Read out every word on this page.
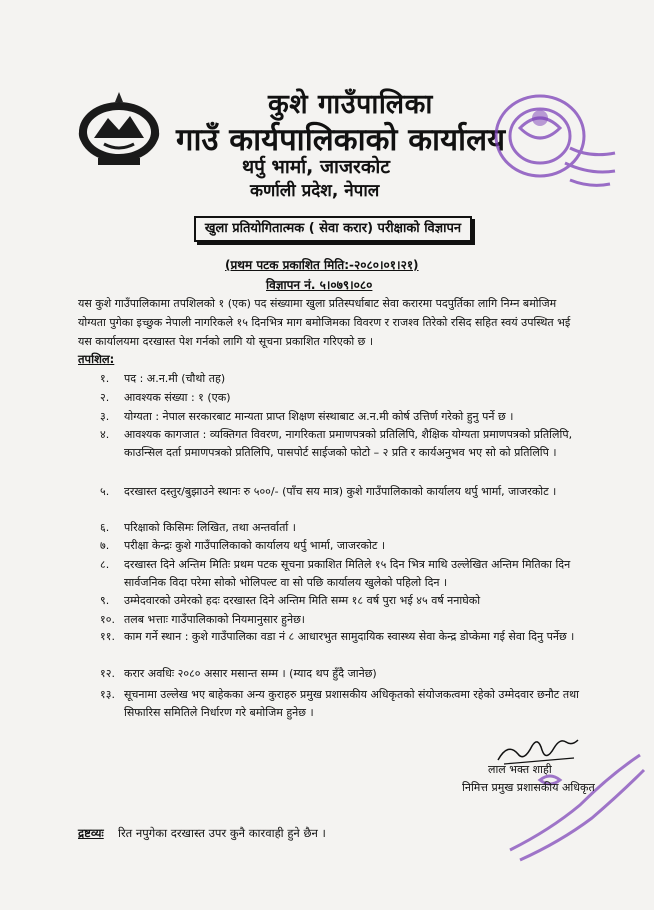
कुशे गाउँपालिका
गाउँ कार्यपालिकाको कार्यालय
थर्पु भार्मा, जाजरकोट
कर्णाली प्रदेश, नेपाल
खुला प्रतियोगितात्मक ( सेवा करार) परीक्षाको विज्ञापन
(प्रथम पटक प्रकाशित मिति:-२०८०।०१।२१)
विज्ञापन नं. ५।०७९।०८०
यस कुशे गाउँपालिकामा तपशिलको १ (एक) पद संख्यामा खुला प्रतिस्पर्धाबाट सेवा करारमा पदपुर्तिका लागि निम्न बमोजिम योग्यता पुगेका इच्छुक नेपाली नागरिकले १५ दिनभित्र माग बमोजिमका विवरण र राजश्व तिरेको रसिद सहित स्वयं उपस्थित भई यस कार्यालयमा दरखास्त पेश गर्नको लागि यो सूचना प्रकाशित गरिएको छ ।
तपशिल:
१. पद : अ.न.मी (चौथो तह)
२. आवश्यक संख्या : १ (एक)
३. योग्यता : नेपाल सरकारबाट मान्यता प्राप्त शिक्षण संस्थाबाट अ.न.मी कोर्ष उत्तिर्ण गरेको हुनु पर्ने छ ।
४. आवश्यक कागजात : व्यक्तिगत विवरण, नागरिकता प्रमाणपत्रको प्रतिलिपि, शैक्षिक योग्यता प्रमाणपत्रको प्रतिलिपि, काउन्सिल दर्ता प्रमाणपत्रको प्रतिलिपि, पासपोर्ट साईजको फोटो – २ प्रति र कार्यअनुभव भए सो को प्रतिलिपि ।
५. दरखास्त दस्तुर/बुझाउने स्थानः रु ५००/- (पाँच सय मात्र) कुशे गाउँपालिकाको कार्यालय थर्पु भार्मा, जाजरकोट ।
६. परिक्षाको किसिमः लिखित, तथा अन्तर्वार्ता ।
७. परीक्षा केन्द्रः कुशे गाउँपालिकाको कार्यालय थर्पु भार्मा, जाजरकोट ।
८. दरखास्त दिने अन्तिम मितिः प्रथम पटक सूचना प्रकाशित मितिले १५ दिन भित्र माथि उल्लेखित अन्तिम मितिका दिन सार्वजनिक विदा परेमा सोको भोलिपल्ट वा सो पछि कार्यालय खुलेको पहिलो दिन ।
९. उम्मेदवारको उमेरको हदः दरखास्त दिने अन्तिम मिति सम्म १८ वर्ष पुरा भई ४५ वर्ष ननाघेको
१०. तलब भत्ताः गाउँपालिकाको नियमानुसार हुनेछ।
११. काम गर्ने स्थान : कुशे गाउँपालिका वडा नं ८ आधारभुत सामुदायिक स्वास्थ्य सेवा केन्द्र डोप्केमा गई सेवा दिनु पर्नेछ ।
१२. करार अवधिः २०८० असार मसान्त सम्म । (म्याद थप हुँदै जानेछ)
१३. सूचनामा उल्लेख भए बाहेकका अन्य कुराहरु प्रमुख प्रशासकीय अधिकृतको संयोजकत्वमा रहेको उम्मेदवार छनौट तथा सिफारिस समितिले निर्धारण गरे बमोजिम हुनेछ ।
लाल भक्त शाही
निमित्त प्रमुख प्रशासकीय अधिकृत
द्रष्टव्यः रित नपुगेका दरखास्त उपर कुनै कारवाही हुने छैन ।
